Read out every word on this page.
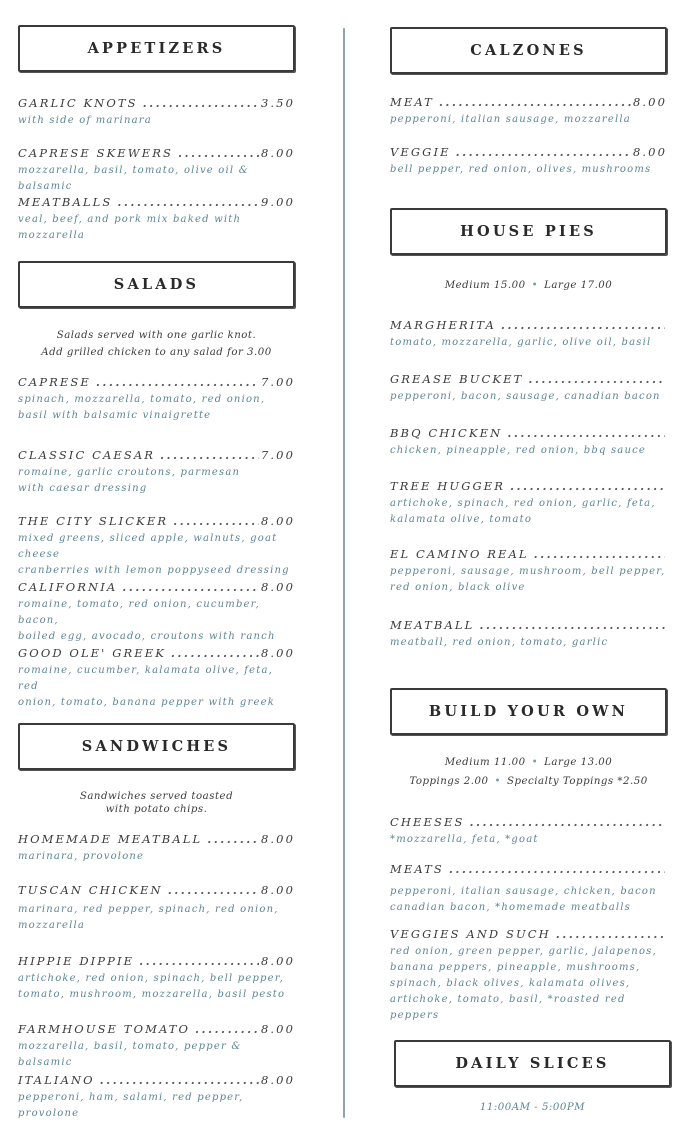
APPETIZERS
GARLIC KNOTS .....	3.50
with side of marinara
CAPRESE SKEWERS .....	8.00
mozzarella, basil, tomato, olive oil & balsamic
MEATBALLS .....	9.00
veal, beef, and pork mix baked with mozzarella
SALADS
Salads served with one garlic knot.
Add grilled chicken to any salad for 3.00
CAPRESE .....	7.00
spinach, mozzarella, tomato, red onion,
basil with balsamic vinaigrette
CLASSIC CAESAR .....	7.00
romaine, garlic croutons, parmesan
with caesar dressing
THE CITY SLICKER .....	8.00
mixed greens, sliced apple, walnuts, goat cheese
cranberries with lemon poppyseed dressing
CALIFORNIA .....	8.00
romaine, tomato, red onion, cucumber, bacon,
boiled egg, avocado, croutons with ranch
GOOD OLE' GREEK .....	8.00
romaine, cucumber, kalamata olive, feta, red
onion, tomato, banana pepper with greek
SANDWICHES
Sandwiches served toasted
with potato chips.
HOMEMADE MEATBALL .....	8.00
marinara, provolone
TUSCAN CHICKEN .....	8.00
marinara, red pepper, spinach, red onion,
mozzarella
HIPPIE DIPPIE .....	8.00
artichoke, red onion, spinach, bell pepper,
tomato, mushroom, mozzarella, basil pesto
FARMHOUSE TOMATO .....	8.00
mozzarella, basil, tomato, pepper & balsamic
ITALIANO .....	8.00
pepperoni, ham, salami, red pepper, provolone
CALZONES
MEAT .....	8.00
pepperoni, italian sausage, mozzarella
VEGGIE .....	8.00
bell pepper, red onion, olives, mushrooms
HOUSE PIES
Medium 15.00 • Large 17.00
MARGHERITA
.....
tomato, mozzarella, garlic, olive oil, basil
GREASE BUCKET
.....
pepperoni, bacon, sausage, canadian bacon
BBQ CHICKEN
.....
chicken, pineapple, red onion, bbq sauce
TREE HUGGER
.....
artichoke, spinach, red onion, garlic, feta,
kalamata olive, tomato
EL CAMINO REAL
.....
pepperoni, sausage, mushroom, bell pepper,
red onion, black olive
MEATBALL
.....
meatball, red onion, tomato, garlic
BUILD YOUR OWN
Medium 11.00 • Large 13.00
Toppings 2.00 • Specialty Toppings *2.50
CHEESES
.....
*mozzarella, feta, *goat
MEATS
.....
pepperoni, italian sausage, chicken, bacon
canadian bacon, *homemade meatballs
VEGGIES AND SUCH
.....
red onion, green pepper, garlic, jalapenos,
banana peppers, pineapple, mushrooms,
spinach, black olives, kalamata olives,
artichoke, tomato, basil, *roasted red peppers
DAILY SLICES
11:00AM - 5:00PM
